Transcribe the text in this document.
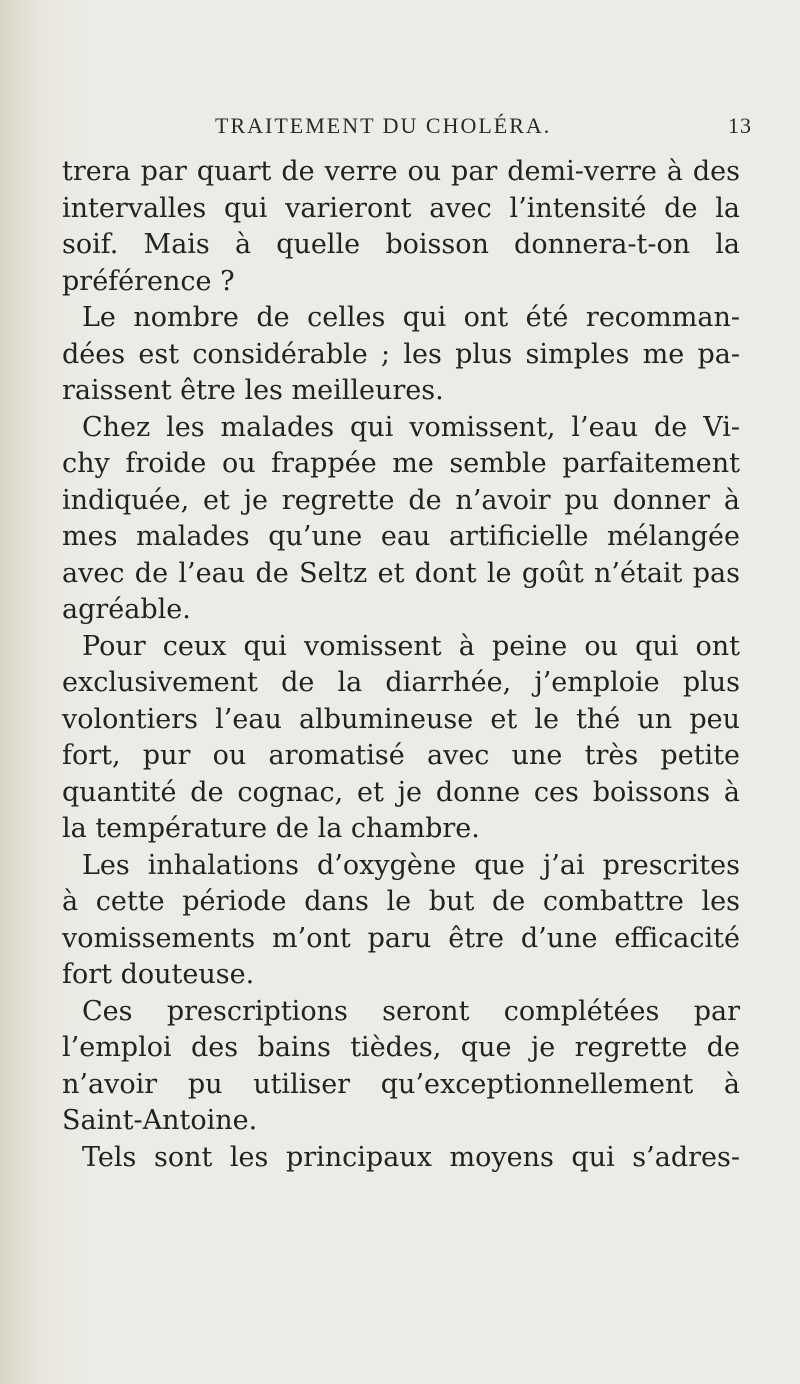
TRAITEMENT DU CHOLÉRA.	13
trera par quart de verre ou par demi-verre à des
intervalles qui varieront avec l’intensité de la
soif. Mais à quelle boisson donnera-t-on la
préférence ?
Le nombre de celles qui ont été recomman-
dées est considérable ; les plus simples me pa-
raissent être les meilleures.
Chez les malades qui vomissent, l’eau de Vi-
chy froide ou frappée me semble parfaitement
indiquée, et je regrette de n’avoir pu donner à
mes malades qu’une eau artificielle mélangée
avec de l’eau de Seltz et dont le goût n’était pas
agréable.
Pour ceux qui vomissent à peine ou qui ont
exclusivement de la diarrhée, j’emploie plus
volontiers l’eau albumineuse et le thé un peu
fort, pur ou aromatisé avec une très petite
quantité de cognac, et je donne ces boissons à
la température de la chambre.
Les inhalations d’oxygène que j’ai prescrites
à cette période dans le but de combattre les
vomissements m’ont paru être d’une efficacité
fort douteuse.
Ces prescriptions seront complétées par
l’emploi des bains tièdes, que je regrette de
n’avoir pu utiliser qu’exceptionnellement à
Saint-Antoine.
Tels sont les principaux moyens qui s’adres-
